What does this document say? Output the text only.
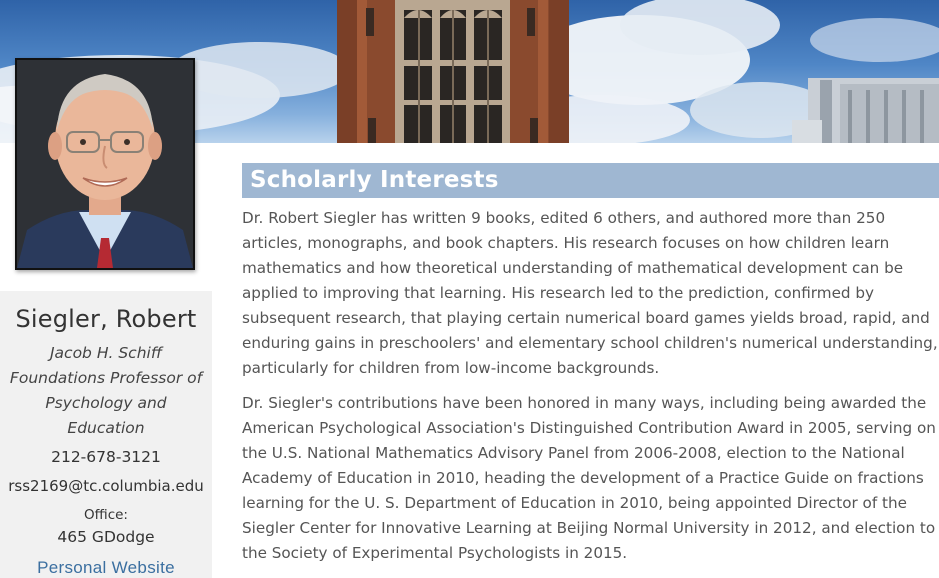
Siegler, Robert

Jacob H. Schiff Foundations Professor of Psychology and Education

212-678-3121

rss2169@tc.columbia.edu

Office:

465 GDodge

Personal Website
Scholarly Interests

Dr. Robert Siegler has written 9 books, edited 6 others, and authored more than 250 articles, monographs, and book chapters. His research focuses on how children learn mathematics and how theoretical understanding of mathematical development can be applied to improving that learning. His research led to the prediction, confirmed by subsequent research, that playing certain numerical board games yields broad, rapid, and enduring gains in preschoolers' and elementary school children's numerical understanding, particularly for children from low-income backgrounds.

Dr. Siegler's contributions have been honored in many ways, including being awarded the American Psychological Association's Distinguished Contribution Award in 2005, serving on the U.S. National Mathematics Advisory Panel from 2006-2008, election to the National Academy of Education in 2010, heading the development of a Practice Guide on fractions learning for the U. S. Department of Education in 2010, being appointed Director of the Siegler Center for Innovative Learning at Beijing Normal University in 2012, and election to the Society of Experimental Psychologists in 2015.
